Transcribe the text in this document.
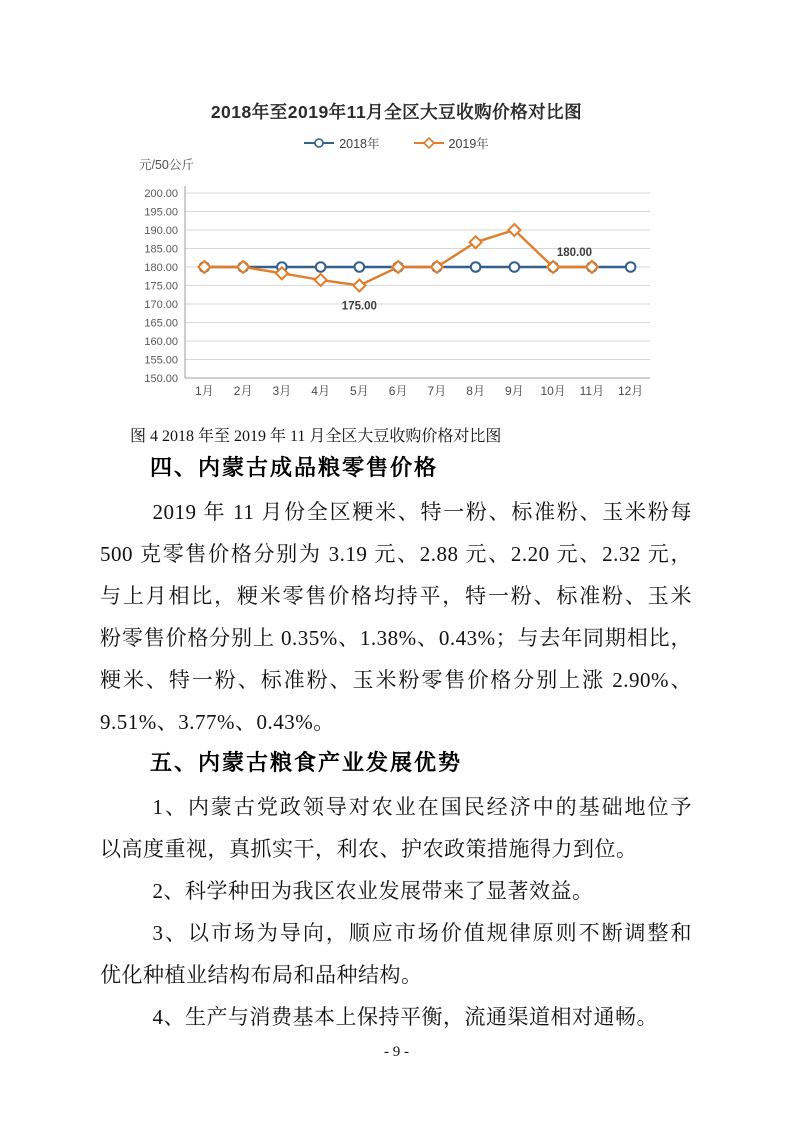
2018年至2019年11月全区大豆收购价格对比图
2018年	2019年
元/50公斤
150.00
155.00
160.00
165.00
170.00
175.00
180.00
185.00
190.00
195.00
200.00
1月 2月 3月 4月 5月 6月 7月 8月 9月 10月 11月 12月
175.00
180.00
图 4 2018 年至 2019 年 11 月全区大豆收购价格对比图
四、内蒙古成品粮零售价格
2019 年 11 月份全区粳米、特一粉、标准粉、玉米粉每
500 克零售价格分别为 3.19 元、2.88 元、2.20 元、2.32 元，
与上月相比，粳米零售价格均持平，特一粉、标准粉、玉米
粉零售价格分别上 0.35%、1.38%、0.43%；与去年同期相比，
粳米、特一粉、标准粉、玉米粉零售价格分别上涨 2.90%、
9.51%、3.77%、0.43%。
五、内蒙古粮食产业发展优势
1、内蒙古党政领导对农业在国民经济中的基础地位予
以高度重视，真抓实干，利农、护农政策措施得力到位。
2、科学种田为我区农业发展带来了显著效益。
3、以市场为导向，顺应市场价值规律原则不断调整和
优化种植业结构布局和品种结构。
4、生产与消费基本上保持平衡，流通渠道相对通畅。
- 9 -
